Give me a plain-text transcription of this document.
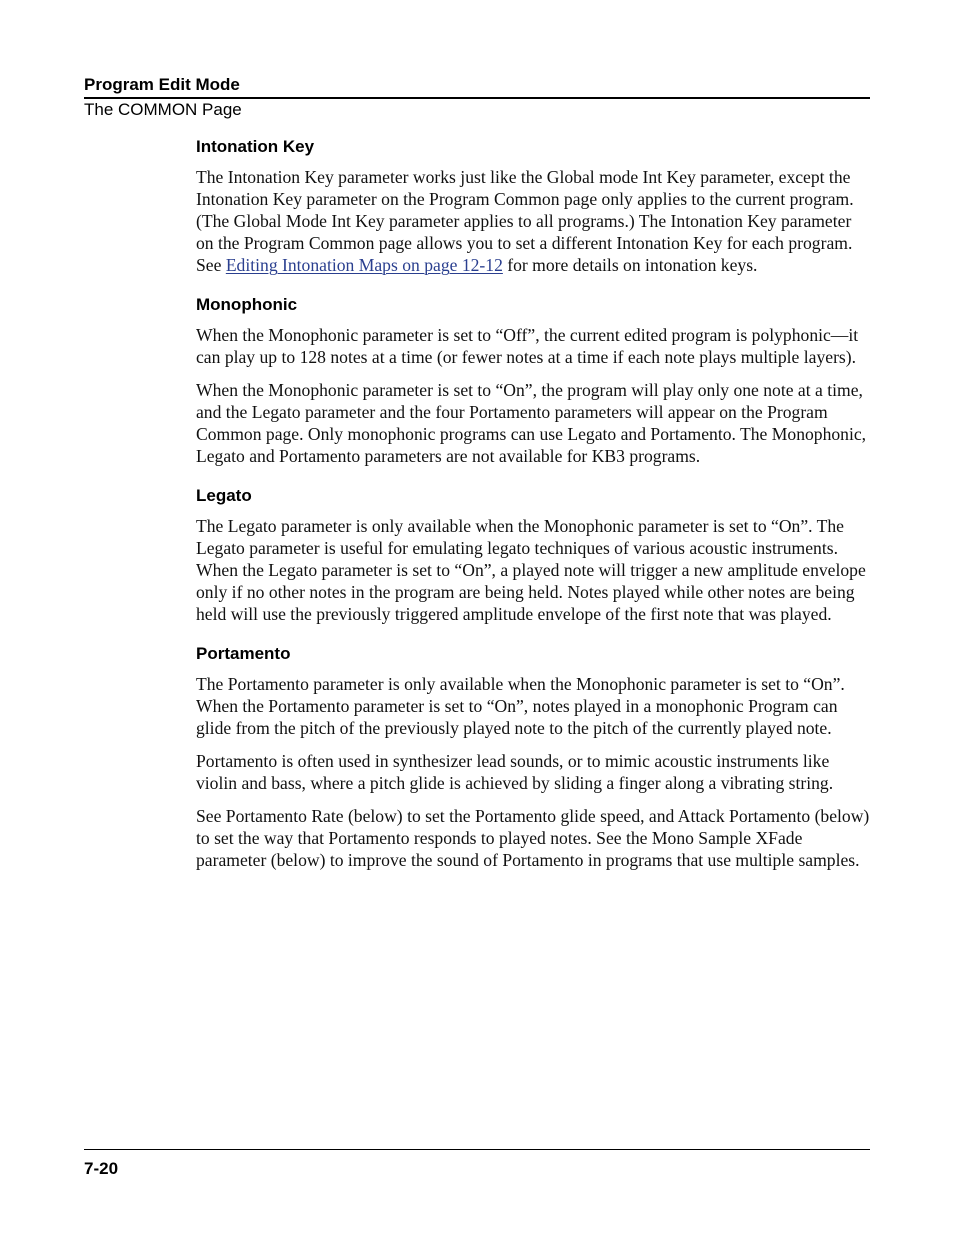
Program Edit Mode
The COMMON Page
Intonation Key

The Intonation Key parameter works just like the Global mode Int Key parameter, except the Intonation Key parameter on the Program Common page only applies to the current program. (The Global Mode Int Key parameter applies to all programs.) The Intonation Key parameter on the Program Common page allows you to set a different Intonation Key for each program. See Editing Intonation Maps on page 12-12 for more details on intonation keys.

Monophonic

When the Monophonic parameter is set to “Off”, the current edited program is polyphonic—it can play up to 128 notes at a time (or fewer notes at a time if each note plays multiple layers).

When the Monophonic parameter is set to “On”, the program will play only one note at a time, and the Legato parameter and the four Portamento parameters will appear on the Program Common page. Only monophonic programs can use Legato and Portamento. The Monophonic, Legato and Portamento parameters are not available for KB3 programs.

Legato

The Legato parameter is only available when the Monophonic parameter is set to “On”. The Legato parameter is useful for emulating legato techniques of various acoustic instruments. When the Legato parameter is set to “On”, a played note will trigger a new amplitude envelope only if no other notes in the program are being held. Notes played while other notes are being held will use the previously triggered amplitude envelope of the first note that was played.

Portamento

The Portamento parameter is only available when the Monophonic parameter is set to “On”. When the Portamento parameter is set to “On”, notes played in a monophonic Program can glide from the pitch of the previously played note to the pitch of the currently played note.

Portamento is often used in synthesizer lead sounds, or to mimic acoustic instruments like violin and bass, where a pitch glide is achieved by sliding a finger along a vibrating string.

See Portamento Rate (below) to set the Portamento glide speed, and Attack Portamento (below) to set the way that Portamento responds to played notes. See the Mono Sample XFade parameter (below) to improve the sound of Portamento in programs that use multiple samples.

7-20
